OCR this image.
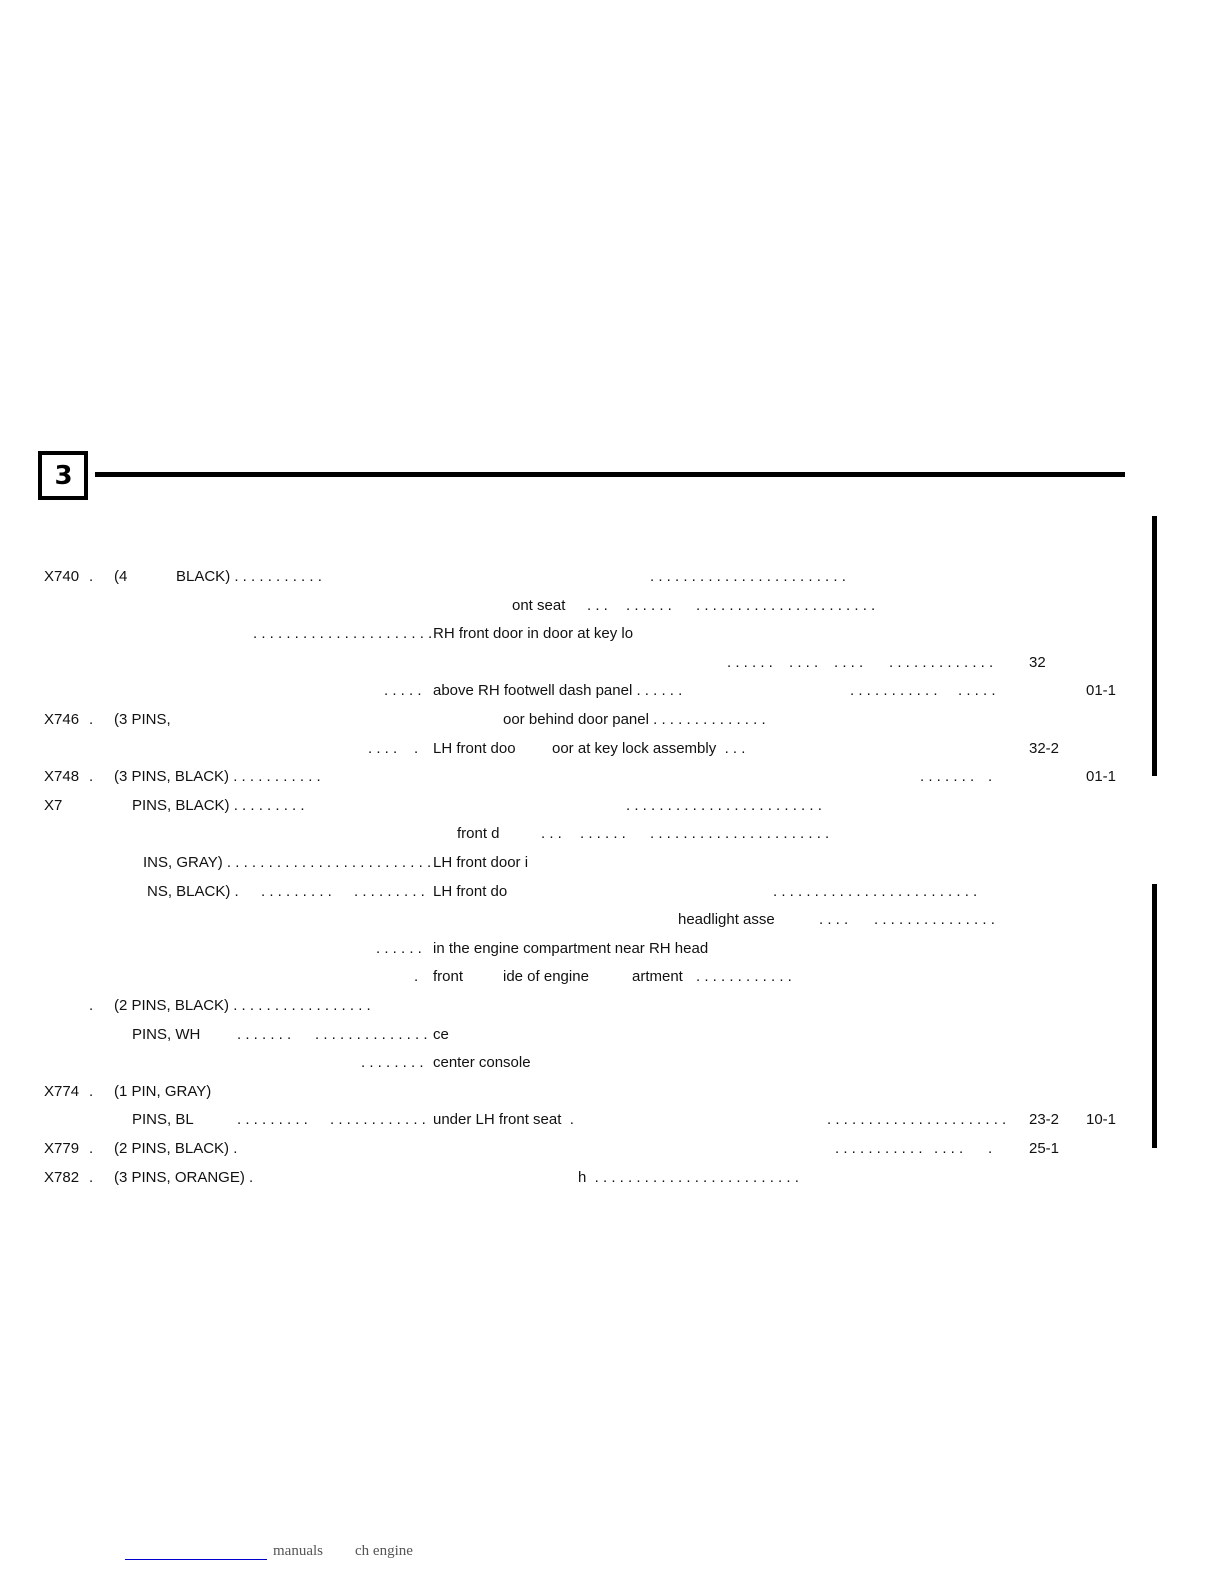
3
X740 . (4	BLACK) . . . . . . . . . . .	. . . . . . . . . . . . . . . . . . . . . . . .
ont seat . . . . . . . . . . . . . . . . . . . . . . . . . . . . . . .
. . . . . . . . . . . . . . . . . . . . . . RH front door in door at key lo
. . . . . . . . . . . . . . . . . . . . . . . . . . . 32
. . . . . above RH footwell dash panel . . . . . .	. . . . . . . . . . . . . . . .	01-1
X746 . (3 PINS,	oor behind door panel . . . . . . . . . . . . . .
. . . . . LH front doo oor at key lock assembly  . . .	32-2
X748 . (3 PINS, BLACK) . . . . . . . . . . .	. . . . . . . .	01-1
X7	PINS, BLACK) . . . . . . . . .	. . . . . . . . . . . . . . . . . . . . . . . .
front d	. . . . . . . . . . . . . . . . . . . . . . . . . . . . . . .
INS, GRAY) . . . . . . . . . . . . . . . . . . . . . . . . . LH front door i
NS, BLACK) . . . . . . . . . . . . . . . . . . . LH front do	. . . . . . . . . . . . . . . . . . . . . . . . .
headlight asse	. . . . . . . . . . . . . . . . . . .
. . . . . . in the engine compartment near RH head
. front	ide of engine	artment . . . . . . . . . . . .
. (2 PINS, BLACK) . . . . . . . . . . . . . . . . .
PINS, WH . . . . . . . . . . . . . . . . . . . . . ce
. . . . . . . . center console
X774 . (1 PIN, GRAY)
PINS, BL	. . . . . . . . . . . . . . . . . . . . . under LH front seat  .	. . . . . . . . . . . . . . . . . . . . . . 23-2 10-1
X779 . (2 PINS, BLACK) .	. . . . . . . . . . . . . . . . 25-1
X782 . (3 PINS, ORANGE) .	h  . . . . . . . . . . . . . . . . . . . . . . . . .
manuals ch engine
